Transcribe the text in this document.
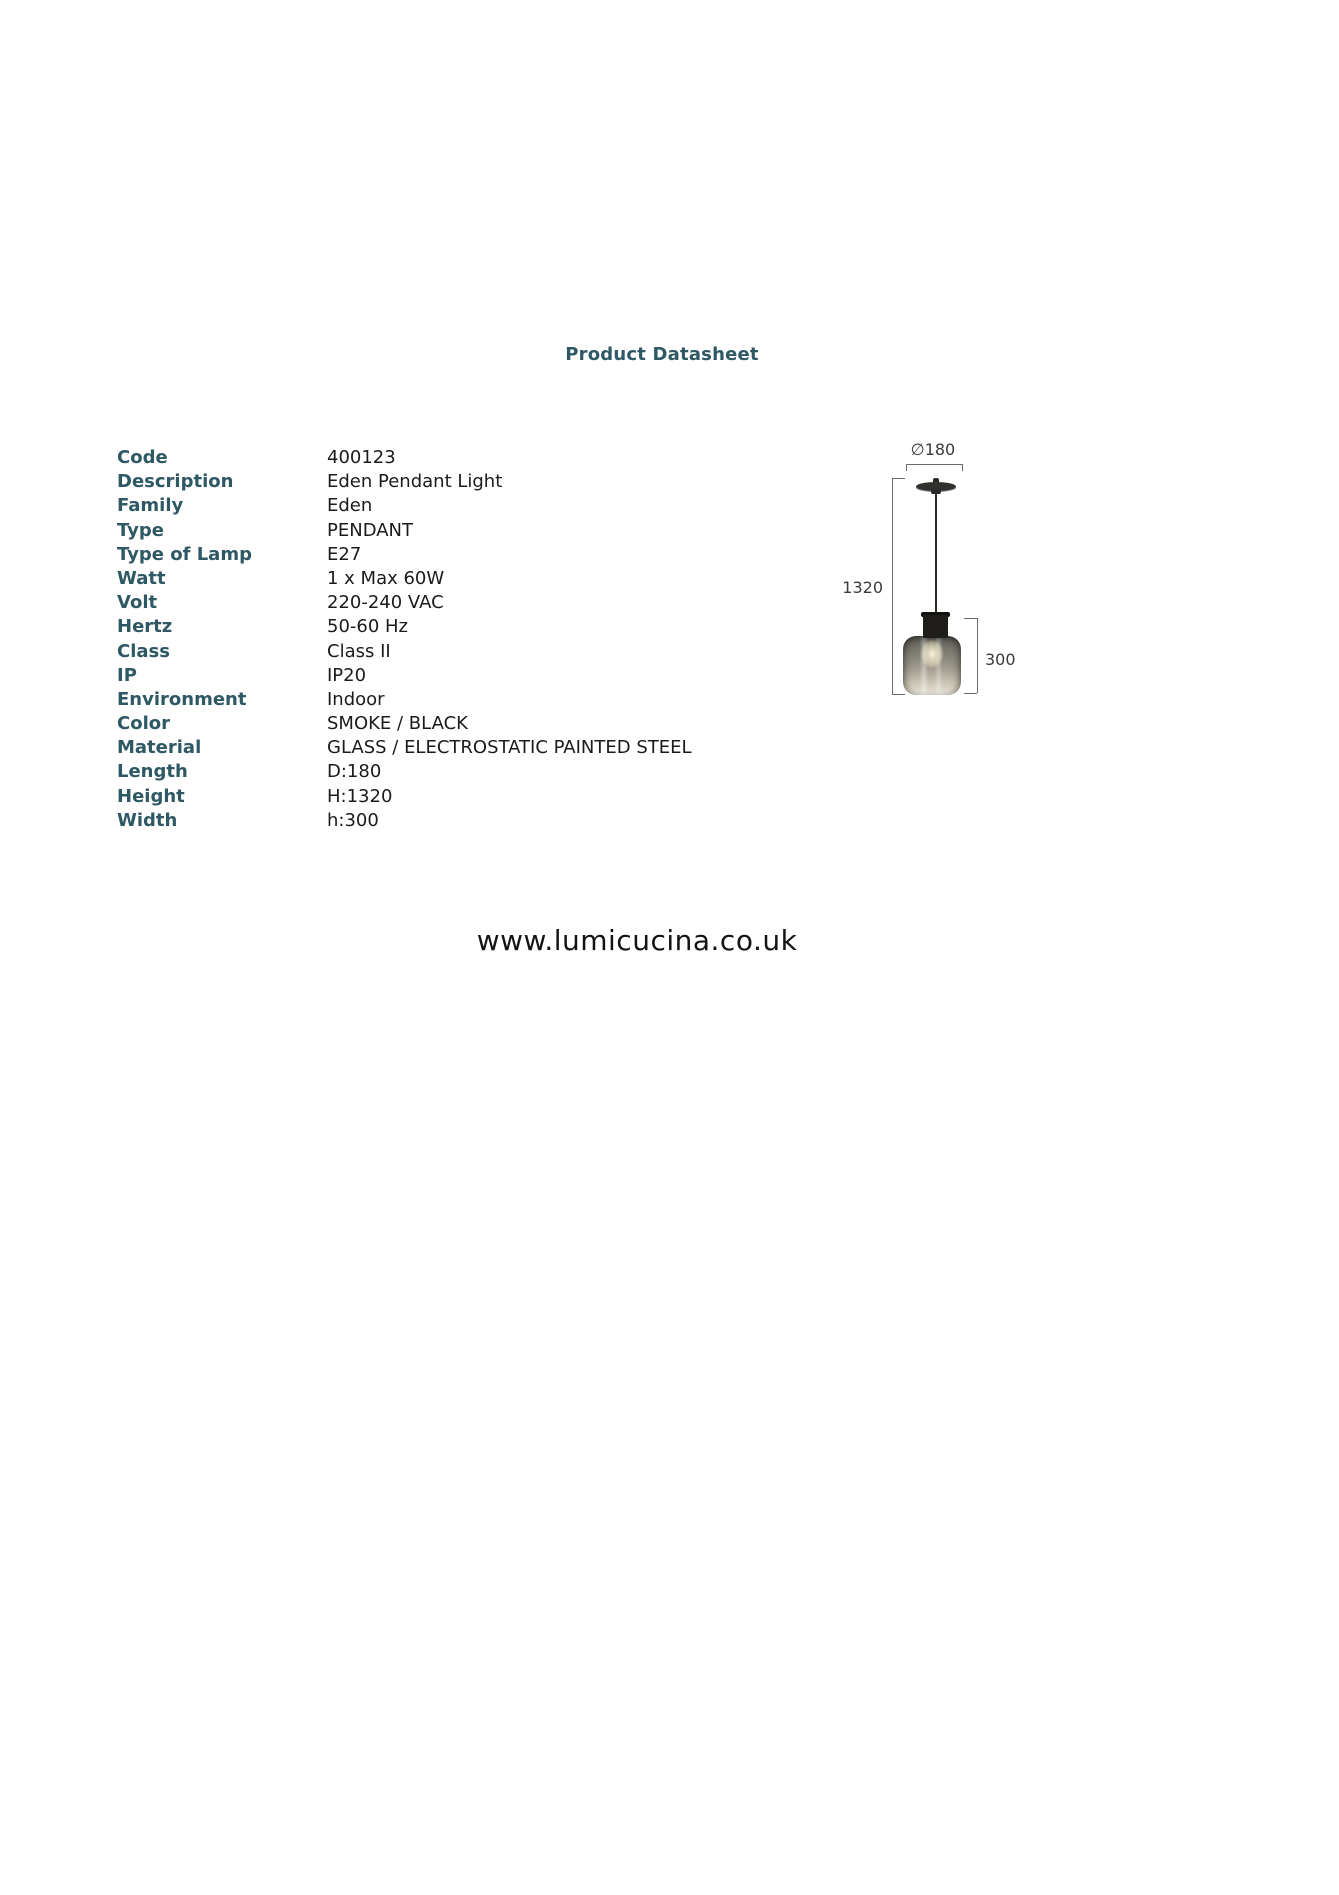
Product Datasheet
Code	400123
Description	Eden Pendant Light
Family	Eden
Type	PENDANT
Type of Lamp	E27
Watt	1 x Max 60W
Volt	220-240 VAC
Hertz	50-60 Hz
Class	Class II
IP	IP20
Environment	Indoor
Color	SMOKE / BLACK
Material	GLASS / ELECTROSTATIC PAINTED STEEL
Length	D:180
Height	H:1320
Width	h:300
∅180
1320
300
www.lumicucina.co.uk
